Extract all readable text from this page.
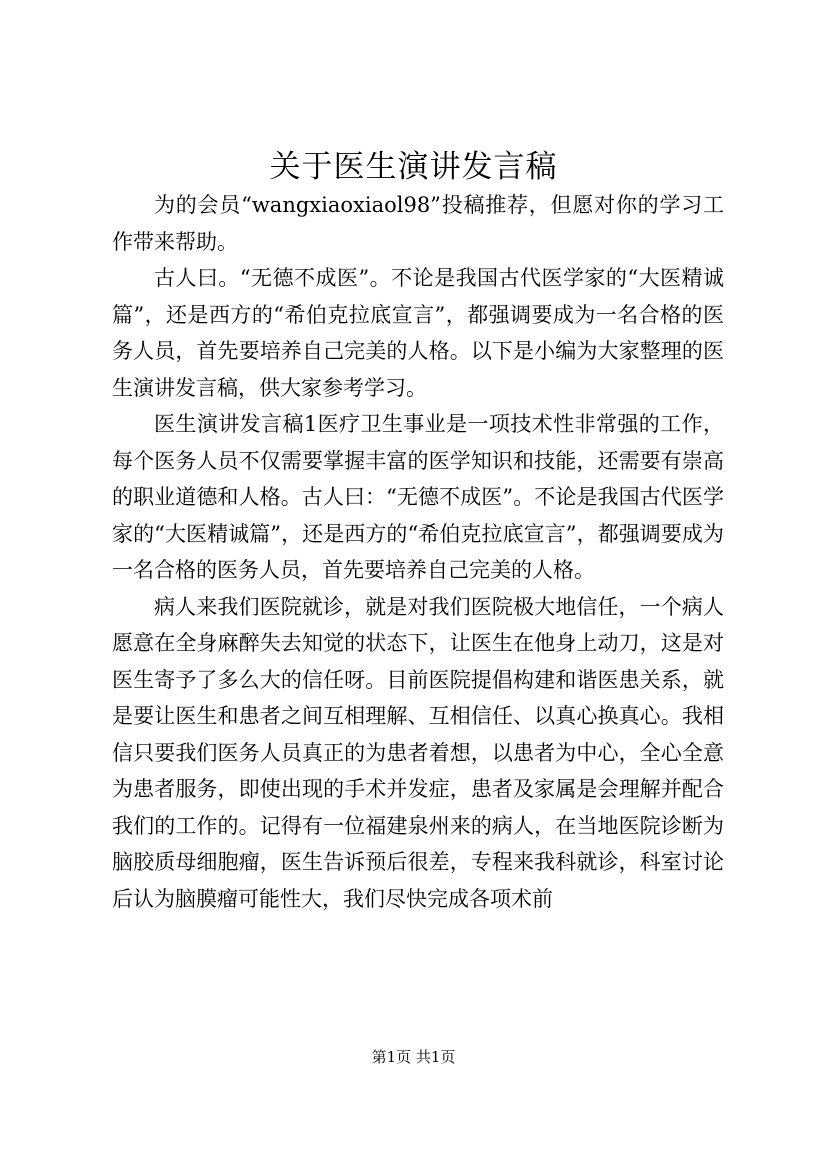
关于医生演讲发言稿

为的会员“wangxiaoxiaol98”投稿推荐，但愿对你的学习工作带来帮助。

古人曰。“无德不成医”。不论是我国古代医学家的“大医精诚篇”，还是西方的“希伯克拉底宣言”，都强调要成为一名合格的医务人员，首先要培养自己完美的人格。以下是小编为大家整理的医生演讲发言稿，供大家参考学习。

医生演讲发言稿1医疗卫生事业是一项技术性非常强的工作，每个医务人员不仅需要掌握丰富的医学知识和技能，还需要有崇高的职业道德和人格。古人曰：“无德不成医”。不论是我国古代医学家的“大医精诚篇”，还是西方的“希伯克拉底宣言”，都强调要成为一名合格的医务人员，首先要培养自己完美的人格。

病人来我们医院就诊，就是对我们医院极大地信任，一个病人愿意在全身麻醉失去知觉的状态下，让医生在他身上动刀，这是对医生寄予了多么大的信任呀。目前医院提倡构建和谐医患关系，就是要让医生和患者之间互相理解、互相信任、以真心换真心。我相信只要我们医务人员真正的为患者着想，以患者为中心，全心全意为患者服务，即使出现的手术并发症，患者及家属是会理解并配合我们的工作的。记得有一位福建泉州来的病人，在当地医院诊断为脑胶质母细胞瘤，医生告诉预后很差，专程来我科就诊，科室讨论后认为脑膜瘤可能性大，我们尽快完成各项术前

第1页 共1页
